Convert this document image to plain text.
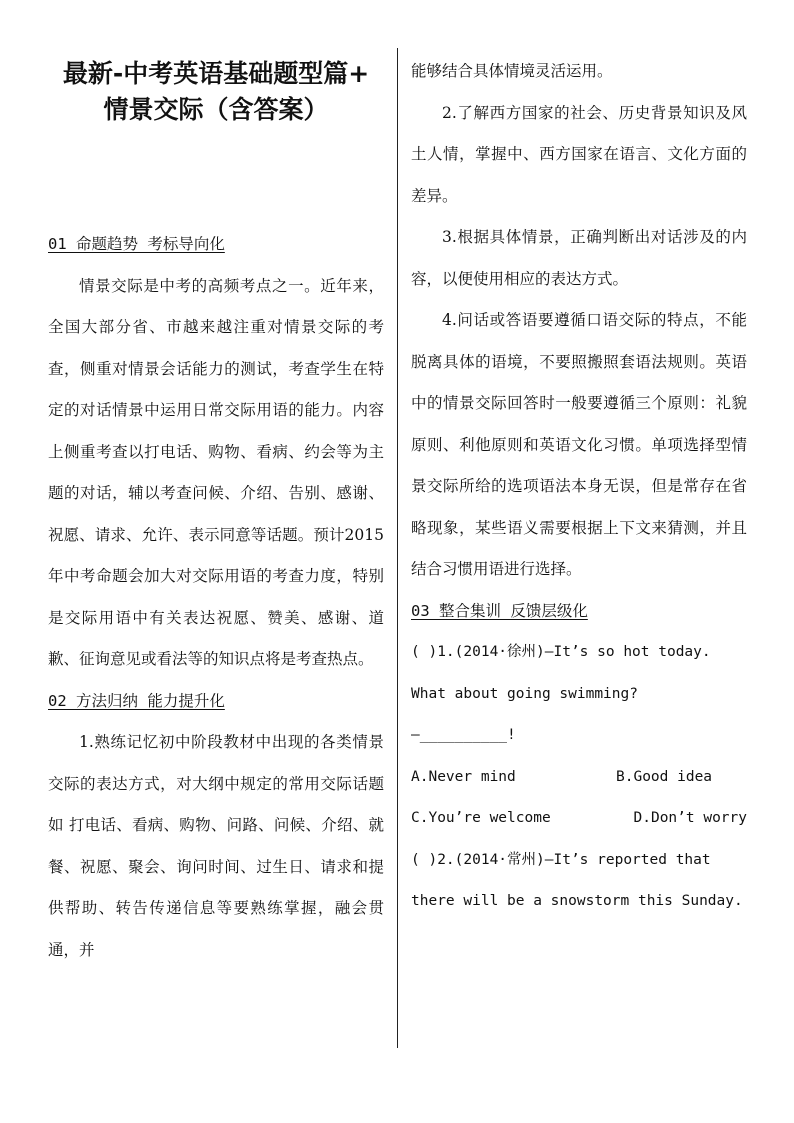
最新-中考英语基础题型篇+
情景交际（含答案）
01 命题趋势 考标导向化

情景交际是中考的高频考点之一。近年来，全国大部分省、市越来越注重对情景交际的考查，侧重对情景会话能力的测试，考查学生在特定的对话情景中运用日常交际用语的能力。内容上侧重考查以打电话、购物、看病、约会等为主题的对话，辅以考查问候、介绍、告别、感谢、祝愿、请求、允许、表示同意等话题。预计2015年中考命题会加大对交际用语的考查力度，特别是交际用语中有关表达祝愿、赞美、感谢、道歉、征询意见或看法等的知识点将是考查热点。

02 方法归纳 能力提升化

1.熟练记忆初中阶段教材中出现的各类情景交际的表达方式，对大纲中规定的常用交际话题如 打电话、看病、购物、问路、问候、介绍、就餐、祝愿、聚会、询问时间、过生日、请求和提供帮助、转告传递信息等要熟练掌握，融会贯通，并

能够结合具体情境灵活运用。

2.了解西方国家的社会、历史背景知识及风土人情，掌握中、西方国家在语言、文化方面的差异。

3.根据具体情景，正确判断出对话涉及的内容，以便使用相应的表达方式。

4.问话或答语要遵循口语交际的特点，不能脱离具体的语境，不要照搬照套语法规则。英语中的情景交际回答时一般要遵循三个原则：礼貌原则、利他原则和英语文化习惯。单项选择型情景交际所给的选项语法本身无误，但是常存在省略现象，某些语义需要根据上下文来猜测，并且结合习惯用语进行选择。

03 整合集训 反馈层级化
( )1.(2014·徐州)—It’s so hot today. What about going swimming?
—__________!
A.Never mind	B.Good idea
C.You’re welcome	D.Don’t worry
( )2.(2014·常州)—It’s reported that there will be a snowstorm this Sunday.
